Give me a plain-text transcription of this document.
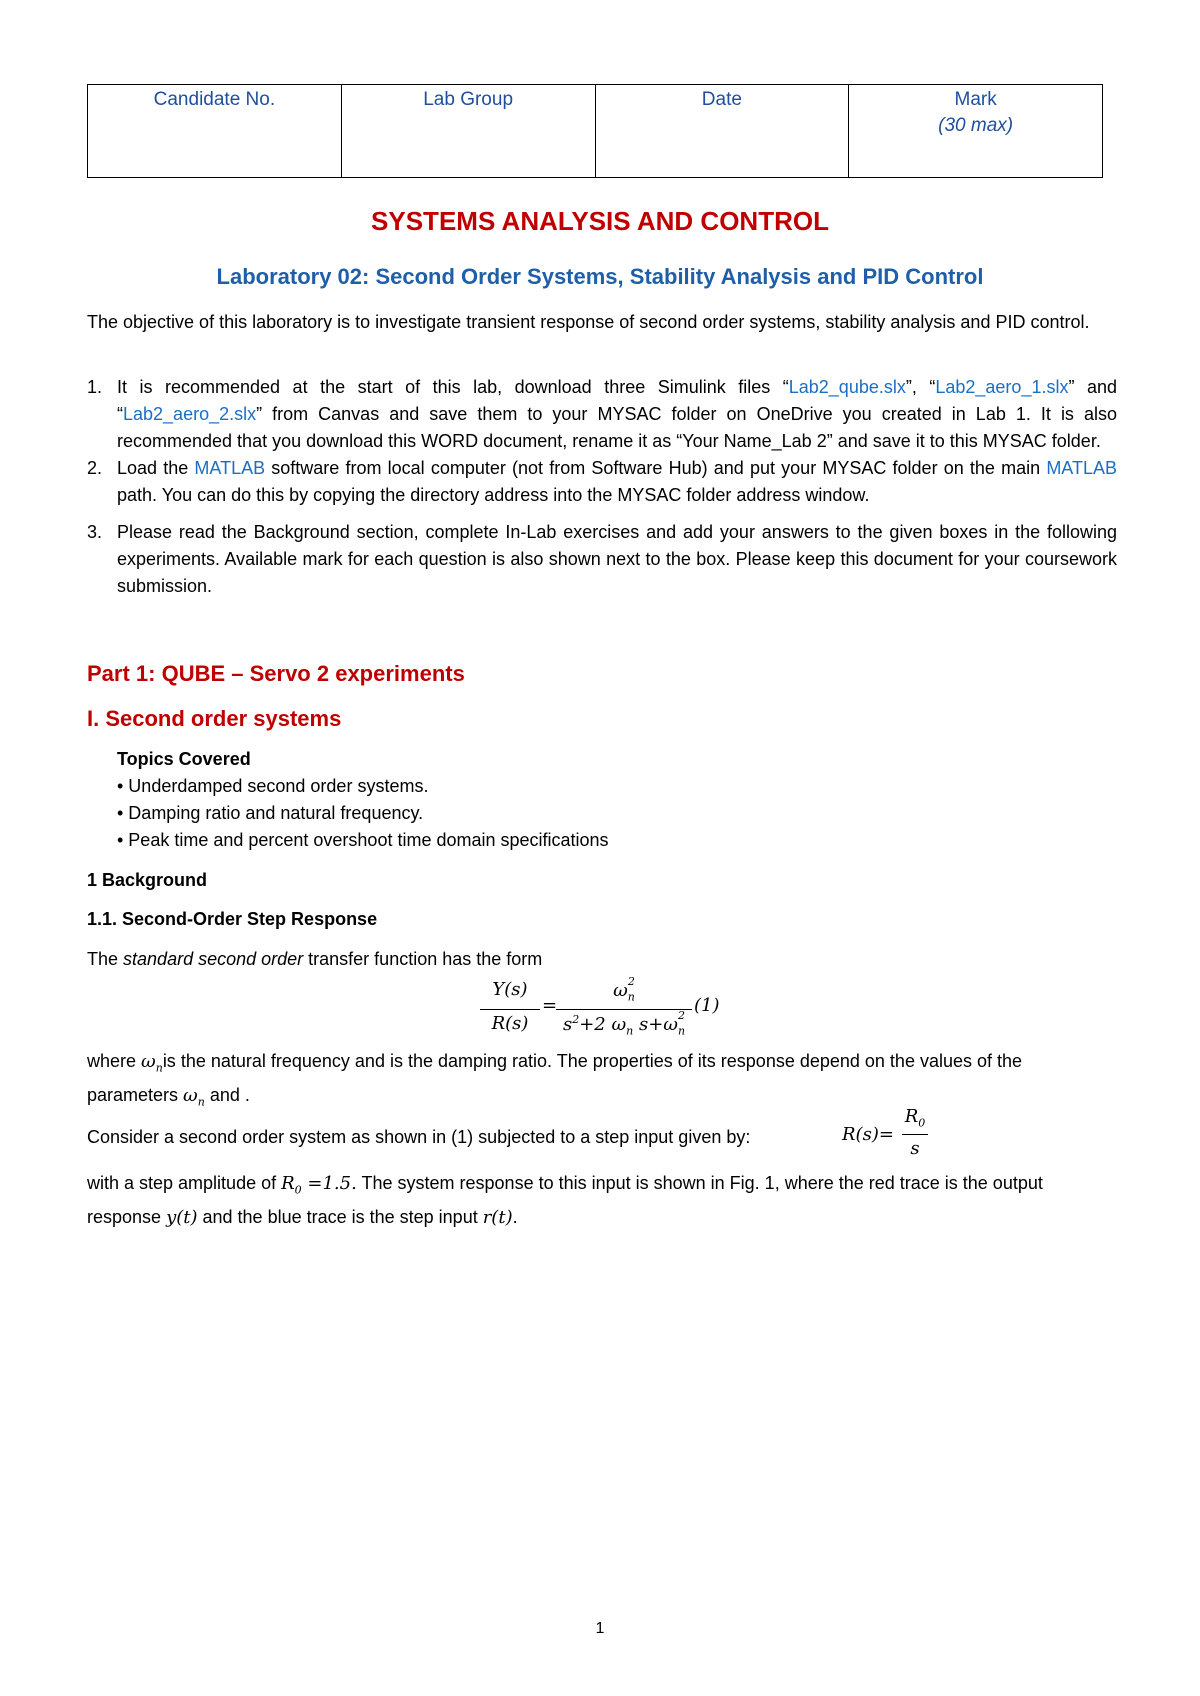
Candidate No.	Lab Group	Date	Mark
(30 max)
SYSTEMS ANALYSIS AND CONTROL
Laboratory 02: Second Order Systems, Stability Analysis and PID Control
The objective of this laboratory is to investigate transient response of second order systems, stability analysis and PID control.
1. It is recommended at the start of this lab, download three Simulink files “Lab2_qube.slx”, “Lab2_aero_1.slx” and “Lab2_aero_2.slx” from Canvas and save them to your MYSAC folder on OneDrive you created in Lab 1. It is also recommended that you download this WORD document, rename it as “Your Name_Lab 2” and save it to this MYSAC folder.
2. Load the MATLAB software from local computer (not from Software Hub) and put your MYSAC folder on the main MATLAB path. You can do this by copying the directory address into the MYSAC folder address window.
3. Please read the Background section, complete In-Lab exercises and add your answers to the given boxes in the following experiments. Available mark for each question is also shown next to the box. Please keep this document for your coursework submission.
Part 1: QUBE – Servo 2 experiments
I. Second order systems
Topics Covered
• Underdamped second order systems.
• Damping ratio and natural frequency.
• Peak time and percent overshoot time domain specifications
1 Background
1.1. Second-Order Step Response
The standard second order transfer function has the form
Y(s)
R(s)
=
$\omega_n^2$
$s^2+2$ $\omega_n$ $s+\omega_n^2$ (1)
where $\omega_nis$ the natural frequency and is the damping ratio. The properties of its response depend on the values of the parameters $\omega_n$ and .
Consider a second order system as shown in (1) subjected to a step input given by:	R(s)=
$R_0$
s
with a step amplitude of $R_0 =1.5$. The system response to this input is shown in Fig. 1, where the red trace is the output response y(t) and the blue trace is the step input r(t).
1
